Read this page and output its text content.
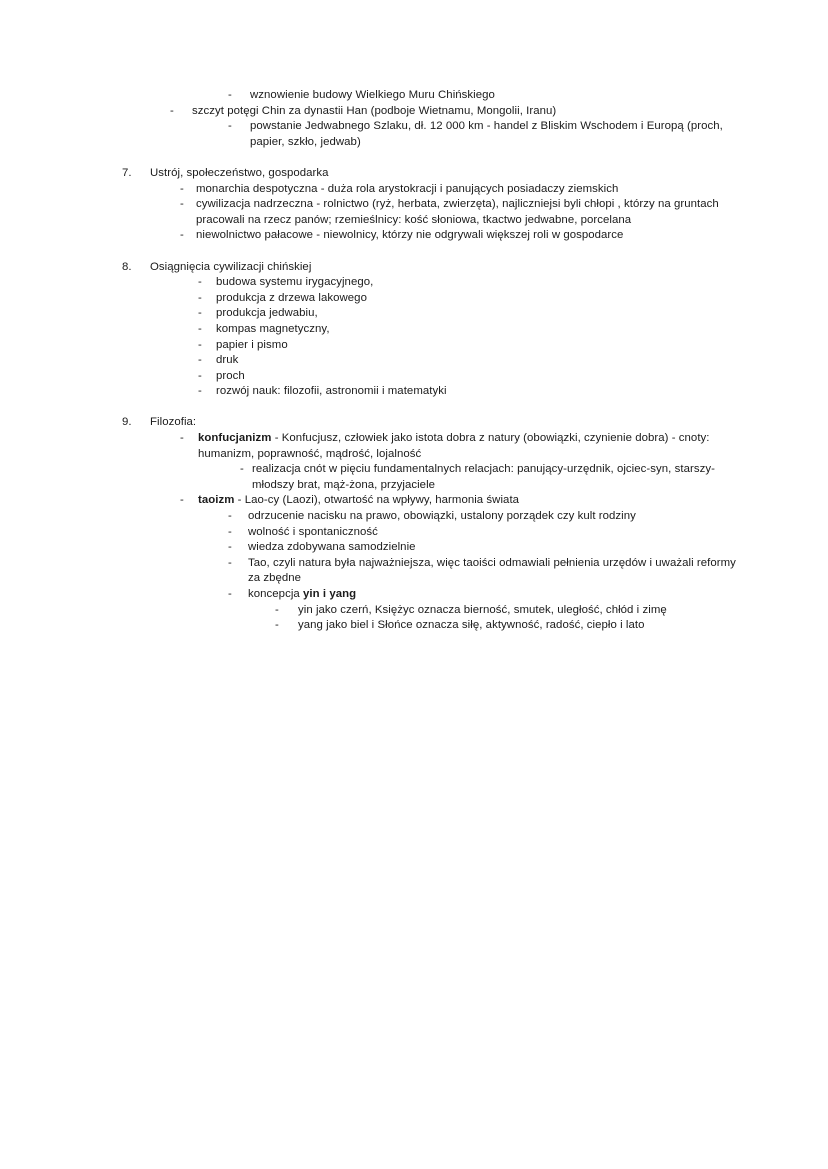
- wznowienie budowy Wielkiego Muru Chińskiego
- szczyt potęgi Chin za dynastii Han (podboje Wietnamu, Mongolii, Iranu)
- powstanie Jedwabnego Szlaku, dł. 12 000 km - handel z Bliskim Wschodem i Europą (proch, papier, szkło, jedwab)
7. Ustrój, społeczeństwo, gospodarka
- monarchia despotyczna - duża rola arystokracji i panujących posiadaczy ziemskich
- cywilizacja nadrzeczna - rolnictwo (ryż, herbata, zwierzęta), najliczniejsi byli chłopi , którzy na gruntach pracowali na rzecz panów; rzemieślnicy: kość słoniowa, tkactwo jedwabne, porcelana
- niewolnictwo pałacowe - niewolnicy, którzy nie odgrywali większej roli w gospodarce
8. Osiągnięcia cywilizacji chińskiej
- budowa systemu irygacyjnego,
- produkcja z drzewa lakowego
- produkcja jedwabiu,
- kompas magnetyczny,
- papier i pismo
- druk
- proch
- rozwój nauk: filozofii, astronomii i matematyki
9. Filozofia:
- konfucjanizm - Konfucjusz, człowiek jako istota dobra z natury (obowiązki, czynienie dobra) - cnoty: humanizm, poprawność, mądrość, lojalność
- realizacja cnót w pięciu fundamentalnych relacjach: panujący-urzędnik, ojciec-syn, starszy-młodszy brat, mąż-żona, przyjaciele
- taoizm - Lao-cy (Laozi), otwartość na wpływy, harmonia świata
- odrzucenie nacisku na prawo, obowiązki, ustalony porządek czy kult rodziny
- wolność i spontaniczność
- wiedza zdobywana samodzielnie
- Tao, czyli natura była najważniejsza, więc taoiści odmawiali pełnienia urzędów i uważali reformy za zbędne
- koncepcja yin i yang
- yin jako czerń, Księżyc oznacza bierność, smutek, uległość, chłód i zimę
- yang jako biel i Słońce oznacza siłę, aktywność, radość, ciepło i lato
